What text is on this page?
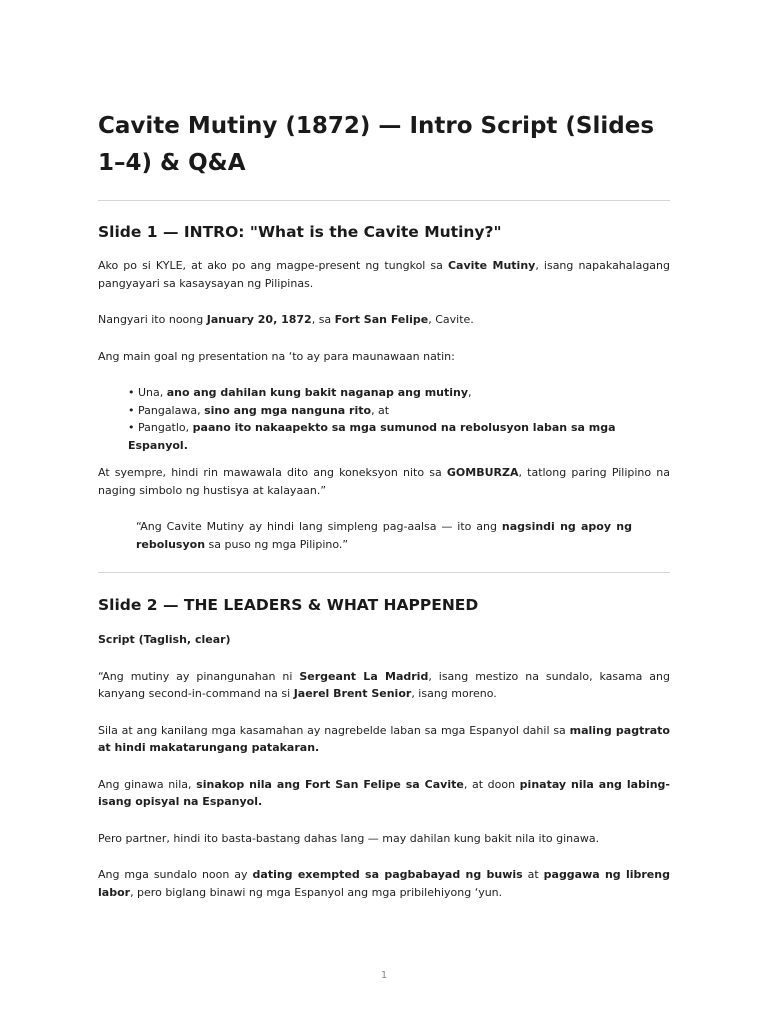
Cavite Mutiny (1872) — Intro Script (Slides 1–4) & Q&A
Slide 1 — INTRO: "What is the Cavite Mutiny?"

Ako po si KYLE, at ako po ang magpe-present ng tungkol sa Cavite Mutiny, isang napakahalagang pangyayari sa kasaysayan ng Pilipinas.

Nangyari ito noong January 20, 1872, sa Fort San Felipe, Cavite.

Ang main goal ng presentation na ‘to ay para maunawaan natin:

• Una, ano ang dahilan kung bakit naganap ang mutiny,
• Pangalawa, sino ang mga nanguna rito, at
• Pangatlo, paano ito nakaapekto sa mga sumunod na rebolusyon laban sa mga Espanyol.

At syempre, hindi rin mawawala dito ang koneksyon nito sa GOMBURZA, tatlong paring Pilipino na naging simbolo ng hustisya at kalayaan.”

“Ang Cavite Mutiny ay hindi lang simpleng pag-aalsa — ito ang nagsindi ng apoy ng rebolusyon sa puso ng mga Pilipino.”
Slide 2 — THE LEADERS & WHAT HAPPENED

Script (Taglish, clear)

“Ang mutiny ay pinangunahan ni Sergeant La Madrid, isang mestizo na sundalo, kasama ang kanyang second-in-command na si Jaerel Brent Senior, isang moreno.

Sila at ang kanilang mga kasamahan ay nagrebelde laban sa mga Espanyol dahil sa maling pagtrato at hindi makatarungang patakaran.

Ang ginawa nila, sinakop nila ang Fort San Felipe sa Cavite, at doon pinatay nila ang labing-isang opisyal na Espanyol.

Pero partner, hindi ito basta-bastang dahas lang — may dahilan kung bakit nila ito ginawa.

Ang mga sundalo noon ay dating exempted sa pagbabayad ng buwis at paggawa ng libreng labor, pero biglang binawi ng mga Espanyol ang mga pribilehiyong ‘yun.

1
